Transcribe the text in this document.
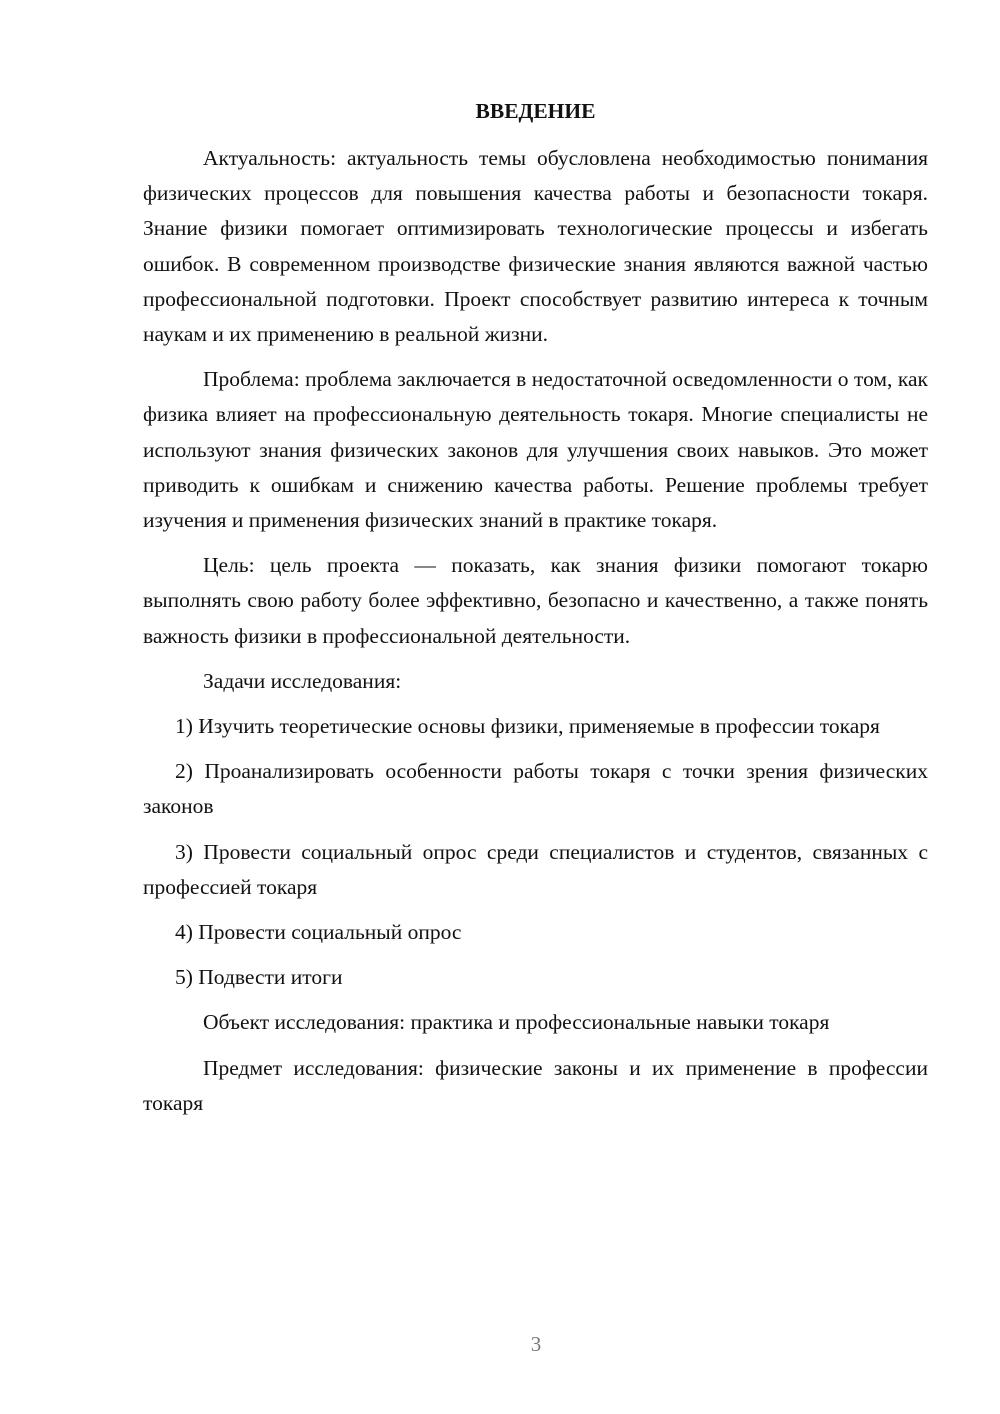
ВВЕДЕНИЕ
Актуальность: актуальность темы обусловлена необходимостью понимания физических процессов для повышения качества работы и безопасности токаря. Знание физики помогает оптимизировать технологические процессы и избегать ошибок. В современном производстве физические знания являются важной частью профессиональной подготовки. Проект способствует развитию интереса к точным наукам и их применению в реальной жизни.
Проблема: проблема заключается в недостаточной осведомленности о том, как физика влияет на профессиональную деятельность токаря. Многие специалисты не используют знания физических законов для улучшения своих навыков. Это может приводить к ошибкам и снижению качества работы. Решение проблемы требует изучения и применения физических знаний в практике токаря.
Цель: цель проекта — показать, как знания физики помогают токарю выполнять свою работу более эффективно, безопасно и качественно, а также понять важность физики в профессиональной деятельности.
Задачи исследования:
1) Изучить теоретические основы физики, применяемые в профессии токаря
2) Проанализировать особенности работы токаря с точки зрения физических законов
3) Провести социальный опрос среди специалистов и студентов, связанных с профессией токаря
4) Провести социальный опрос
5) Подвести итоги
Объект исследования: практика и профессиональные навыки токаря
Предмет исследования: физические законы и их применение в профессии токаря
3
